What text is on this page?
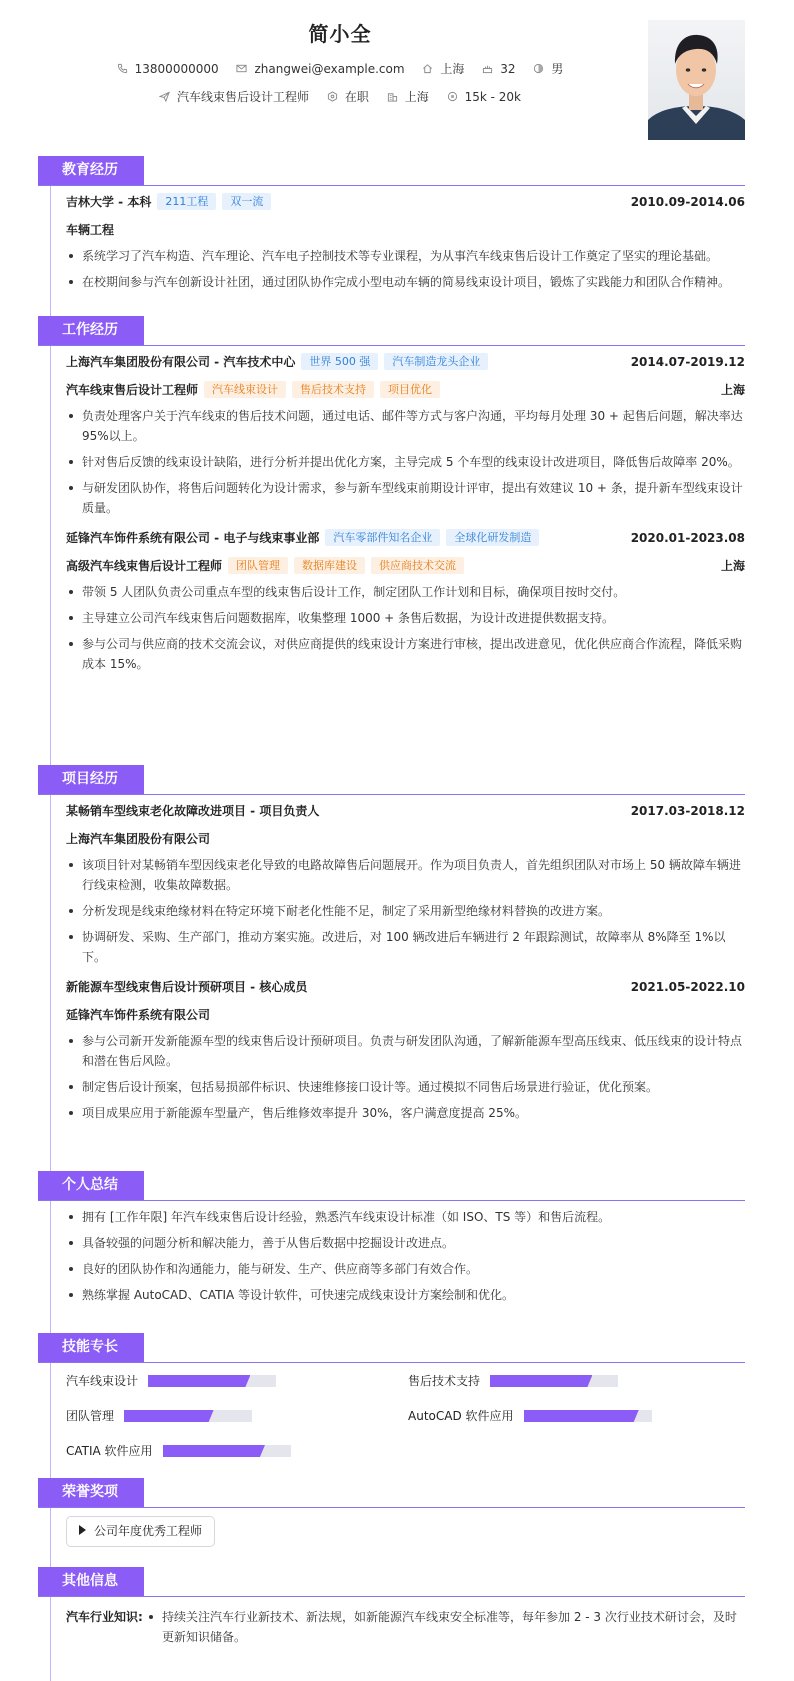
简小全
13800000000	zhangwei@example.com	上海	32	男
汽车线束售后设计工程师	在职	上海	15k - 20k
教育经历
吉林大学 - 本科 211工程 双一流	2010.09-2014.06
车辆工程
系统学习了汽车构造、汽车理论、汽车电子控制技术等专业课程，为从事汽车线束售后设计工作奠定了坚实的理论基础。
在校期间参与汽车创新设计社团，通过团队协作完成小型电动车辆的简易线束设计项目，锻炼了实践能力和团队合作精神。
工作经历
上海汽车集团股份有限公司 - 汽车技术中心 世界 500 强 汽车制造龙头企业	2014.07-2019.12
汽车线束售后设计工程师 汽车线束设计 售后技术支持 项目优化	上海
负责处理客户关于汽车线束的售后技术问题，通过电话、邮件等方式与客户沟通，平均每月处理 30 + 起售后问题，解决率达 95%以上。
针对售后反馈的线束设计缺陷，进行分析并提出优化方案，主导完成 5 个车型的线束设计改进项目，降低售后故障率 20%。
与研发团队协作，将售后问题转化为设计需求，参与新车型线束前期设计评审，提出有效建议 10 + 条，提升新车型线束设计质量。
延锋汽车饰件系统有限公司 - 电子与线束事业部 汽车零部件知名企业 全球化研发制造	2020.01-2023.08
高级汽车线束售后设计工程师 团队管理 数据库建设 供应商技术交流	上海
带领 5 人团队负责公司重点车型的线束售后设计工作，制定团队工作计划和目标，确保项目按时交付。
主导建立公司汽车线束售后问题数据库，收集整理 1000 + 条售后数据，为设计改进提供数据支持。
参与公司与供应商的技术交流会议，对供应商提供的线束设计方案进行审核，提出改进意见，优化供应商合作流程，降低采购成本 15%。
项目经历
某畅销车型线束老化故障改进项目 - 项目负责人	2017.03-2018.12
上海汽车集团股份有限公司
该项目针对某畅销车型因线束老化导致的电路故障售后问题展开。作为项目负责人，首先组织团队对市场上 50 辆故障车辆进行线束检测，收集故障数据。
分析发现是线束绝缘材料在特定环境下耐老化性能不足，制定了采用新型绝缘材料替换的改进方案。
协调研发、采购、生产部门，推动方案实施。改进后，对 100 辆改进后车辆进行 2 年跟踪测试，故障率从 8%降至 1%以下。
新能源车型线束售后设计预研项目 - 核心成员	2021.05-2022.10
延锋汽车饰件系统有限公司
参与公司新开发新能源车型的线束售后设计预研项目。负责与研发团队沟通，了解新能源车型高压线束、低压线束的设计特点和潜在售后风险。
制定售后设计预案，包括易损部件标识、快速维修接口设计等。通过模拟不同售后场景进行验证，优化预案。
项目成果应用于新能源车型量产，售后维修效率提升 30%，客户满意度提高 25%。
个人总结
拥有 [工作年限] 年汽车线束售后设计经验，熟悉汽车线束设计标准（如 ISO、TS 等）和售后流程。
具备较强的问题分析和解决能力，善于从售后数据中挖掘设计改进点。
良好的团队协作和沟通能力，能与研发、生产、供应商等多部门有效合作。
熟练掌握 AutoCAD、CATIA 等设计软件，可快速完成线束设计方案绘制和优化。
技能专长
汽车线束设计	售后技术支持
团队管理	AutoCAD 软件应用
CATIA 软件应用
荣誉奖项
公司年度优秀工程师
其他信息
汽车行业知识:	持续关注汽车行业新技术、新法规，如新能源汽车线束安全标准等，每年参加 2 - 3 次行业技术研讨会，及时更新知识储备。
